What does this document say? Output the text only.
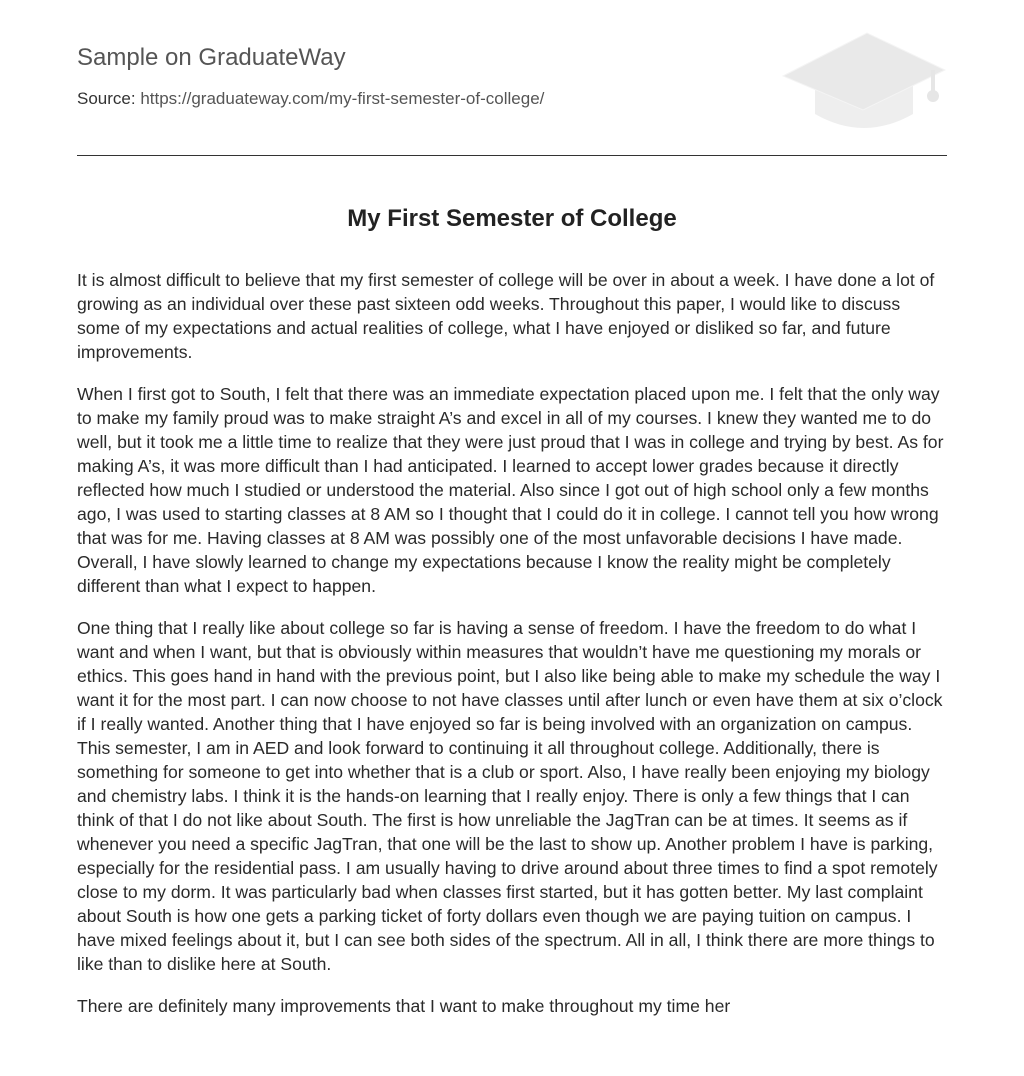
Sample on GraduateWay
Source: https://graduateway.com/my-first-semester-of-college/
My First Semester of College

It is almost difficult to believe that my first semester of college will be over in about a week. I have done a lot of growing as an individual over these past sixteen odd weeks. Throughout this paper, I would like to discuss some of my expectations and actual realities of college, what I have enjoyed or disliked so far, and future improvements.

When I first got to South, I felt that there was an immediate expectation placed upon me. I felt that the only way to make my family proud was to make straight A’s and excel in all of my courses. I knew they wanted me to do well, but it took me a little time to realize that they were just proud that I was in college and trying by best. As for making A’s, it was more difficult than I had anticipated. I learned to accept lower grades because it directly reflected how much I studied or understood the material. Also since I got out of high school only a few months ago, I was used to starting classes at 8 AM so I thought that I could do it in college. I cannot tell you how wrong that was for me. Having classes at 8 AM was possibly one of the most unfavorable decisions I have made. Overall, I have slowly learned to change my expectations because I know the reality might be completely different than what I expect to happen.

One thing that I really like about college so far is having a sense of freedom. I have the freedom to do what I want and when I want, but that is obviously within measures that wouldn’t have me questioning my morals or ethics. This goes hand in hand with the previous point, but I also like being able to make my schedule the way I want it for the most part. I can now choose to not have classes until after lunch or even have them at six o’clock if I really wanted. Another thing that I have enjoyed so far is being involved with an organization on campus. This semester, I am in AED and look forward to continuing it all throughout college. Additionally, there is something for someone to get into whether that is a club or sport. Also, I have really been enjoying my biology and chemistry labs. I think it is the hands-on learning that I really enjoy. There is only a few things that I can think of that I do not like about South. The first is how unreliable the JagTran can be at times. It seems as if whenever you need a specific JagTran, that one will be the last to show up. Another problem I have is parking, especially for the residential pass. I am usually having to drive around about three times to find a spot remotely close to my dorm. It was particularly bad when classes first started, but it has gotten better. My last complaint about South is how one gets a parking ticket of forty dollars even though we are paying tuition on campus. I have mixed feelings about it, but I can see both sides of the spectrum. All in all, I think there are more things to like than to dislike here at South.

There are definitely many improvements that I want to make throughout my time her
